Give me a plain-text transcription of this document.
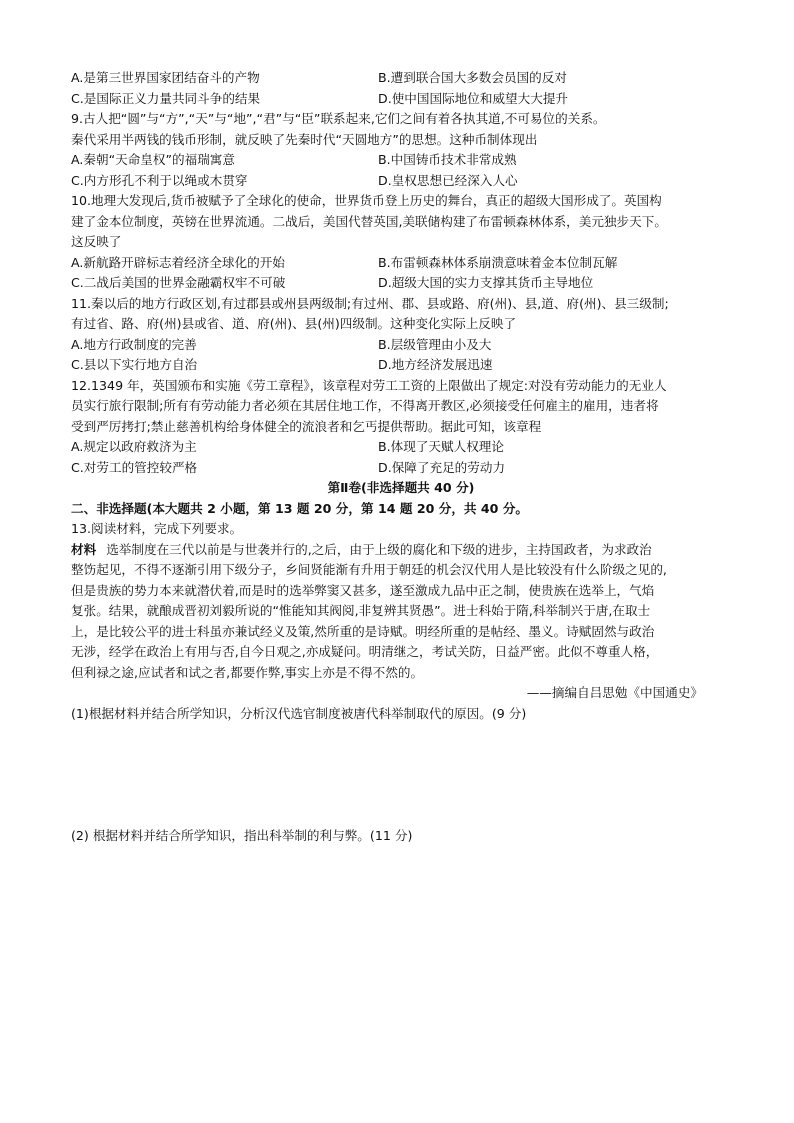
A.是第三世界国家团结奋斗的产物	B.遭到联合国大多数会员国的反对
C.是国际正义力量共同斗争的结果	D.使中国国际地位和威望大大提升
9.古人把“圆”与“方”,“天”与“地”,“君”与“臣”联系起来,它们之间有着各执其道,不可易位的关系。
秦代采用半两钱的钱币形制，就反映了先秦时代“天圆地方”的思想。这种币制体现出
A.秦朝“天命皇权”的福瑞寓意	B.中国铸币技术非常成熟
C.内方形孔不利于以绳或木贯穿	D.皇权思想已经深入人心
10.地理大发现后,货币被赋予了全球化的使命，世界货币登上历史的舞台，真正的超级大国形成了。英国构
建了金本位制度，英镑在世界流通。二战后，美国代替英国,美联储构建了布雷顿森林体系，美元独步天下。
这反映了
A.新航路开辟标志着经济全球化的开始	B.布雷顿森林体系崩溃意味着金本位制瓦解
C.二战后美国的世界金融霸权牢不可破	D.超级大国的实力支撑其货币主导地位
11.秦以后的地方行政区划,有过郡县或州县两级制;有过州、郡、县或路、府(州)、县,道、府(州)、县三级制;
有过省、路、府(州)县或省、道、府(州)、县(州)四级制。这种变化实际上反映了
A.地方行政制度的完善	B.层级管理由小及大
C.县以下实行地方自治	D.地方经济发展迅速
12.1349 年，英国颁布和实施《劳工章程》，该章程对劳工工资的上限做出了规定:对没有劳动能力的无业人
员实行旅行限制;所有有劳动能力者必须在其居住地工作，不得离开教区,必须接受任何雇主的雇用，违者将
受到严厉拷打;禁止慈善机构给身体健全的流浪者和乞丐提供帮助。据此可知，该章程
A.规定以政府救济为主	B.体现了天赋人权理论
C.对劳工的管控较严格	D.保障了充足的劳动力
第Ⅱ卷(非选择题共 40 分)
二、非选择题(本大题共 2 小题，第 13 题 20 分，第 14 题 20 分，共 40 分。
13.阅读材料，完成下列要求。
材料 选举制度在三代以前是与世袭并行的,之后，由于上级的腐化和下级的进步，主持国政者，为求政治
整饬起见，不得不逐渐引用下级分子，乡间贤能渐有升用于朝廷的机会汉代用人是比较没有什么阶级之见的,
但是贵族的势力本来就潜伏着,而是时的选举弊窦又甚多，遂至激成九品中正之制，使贵族在选举上，气焰
复张。结果，就酿成晋初刘毅所说的“惟能知其阀阅,非复辨其贤愚”。进士科始于隋,科举制兴于唐,在取士
上，是比较公平的进士科虽亦兼试经义及策,然所重的是诗赋。明经所重的是帖经、墨义。诗赋固然与政治
无涉，经学在政治上有用与否,自今日观之,亦成疑问。明清继之，考试关防，日益严密。此似不尊重人格，
但利禄之途,应试者和试之者,都要作弊,事实上亦是不得不然的。
——摘编自吕思勉《中国通史》
(1)根据材料并结合所学知识，分析汉代选官制度被唐代科举制取代的原因。(9 分)
(2) 根据材料并结合所学知识，指出科举制的利与弊。(11 分)
